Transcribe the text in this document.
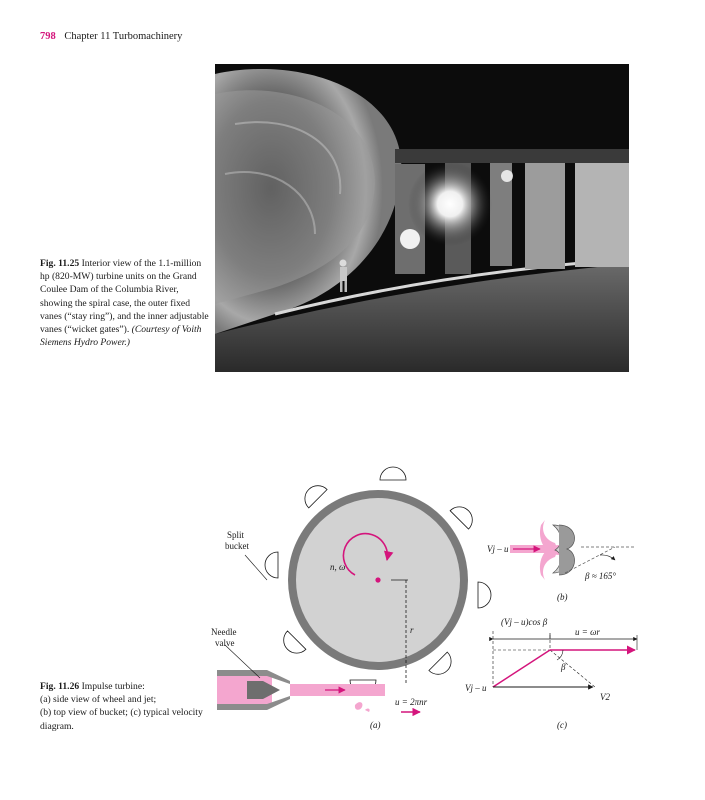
798 Chapter 11 Turbomachinery
Fig. 11.25 Interior view of the 1.1-million hp (820-MW) turbine units on the Grand Coulee Dam of the Columbia River, showing the spiral case, the outer fixed vanes (“stay ring”), and the inner adjustable vanes (“wicket gates”). (Courtesy of Voith Siemens Hydro Power.)
Split
bucket
Needle
valve
n, ω
r
u = 2πnr
(a)
Vj – u
β ≈ 165°
(b)
(Vj – u)cos β
u = ωr
β
Vj – u
V2
(c)
Fig. 11.26 Impulse turbine:
(a) side view of wheel and jet;
(b) top view of bucket; (c) typical velocity diagram.
